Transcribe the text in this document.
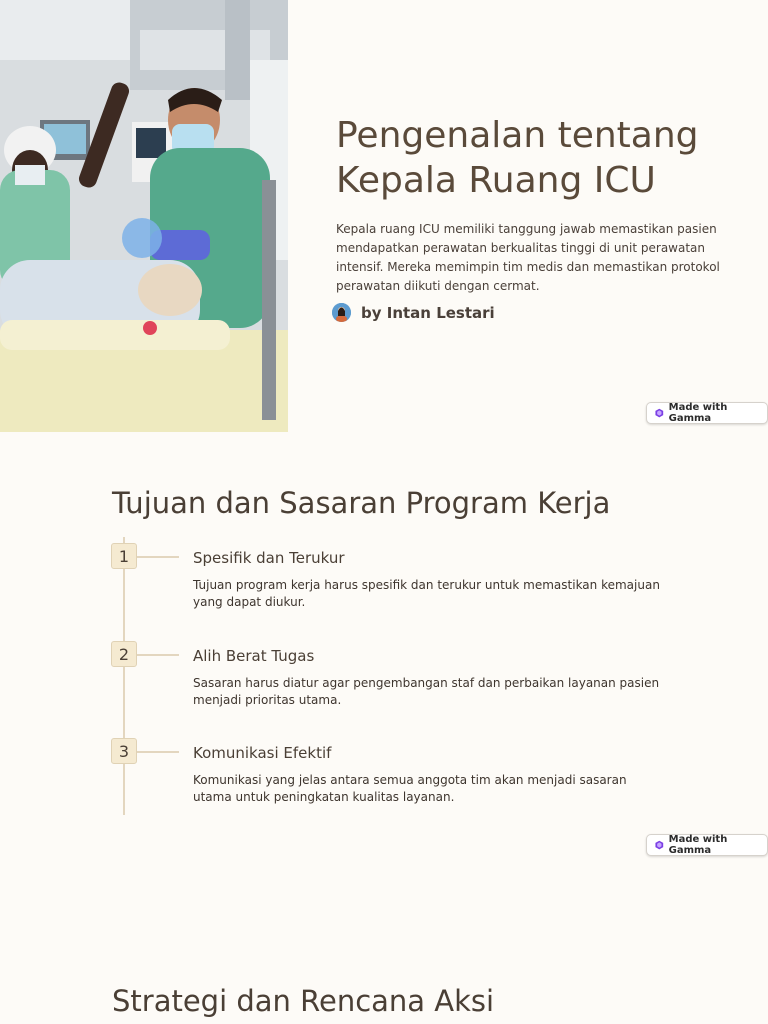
Pengenalan tentang Kepala Ruang ICU

Kepala ruang ICU memiliki tanggung jawab memastikan pasien mendapatkan perawatan berkualitas tinggi di unit perawatan intensif. Mereka memimpin tim medis dan memastikan protokol perawatan diikuti dengan cermat.

by Intan Lestari
Made with Gamma
Tujuan dan Sasaran Program Kerja
1	Spesifik dan Terukur
Tujuan program kerja harus spesifik dan terukur untuk memastikan kemajuan yang dapat diukur.
2	Alih Berat Tugas
Sasaran harus diatur agar pengembangan staf dan perbaikan layanan pasien menjadi prioritas utama.
3	Komunikasi Efektif
Komunikasi yang jelas antara semua anggota tim akan menjadi sasaran utama untuk peningkatan kualitas layanan.
Made with Gamma
Strategi dan Rencana Aksi
